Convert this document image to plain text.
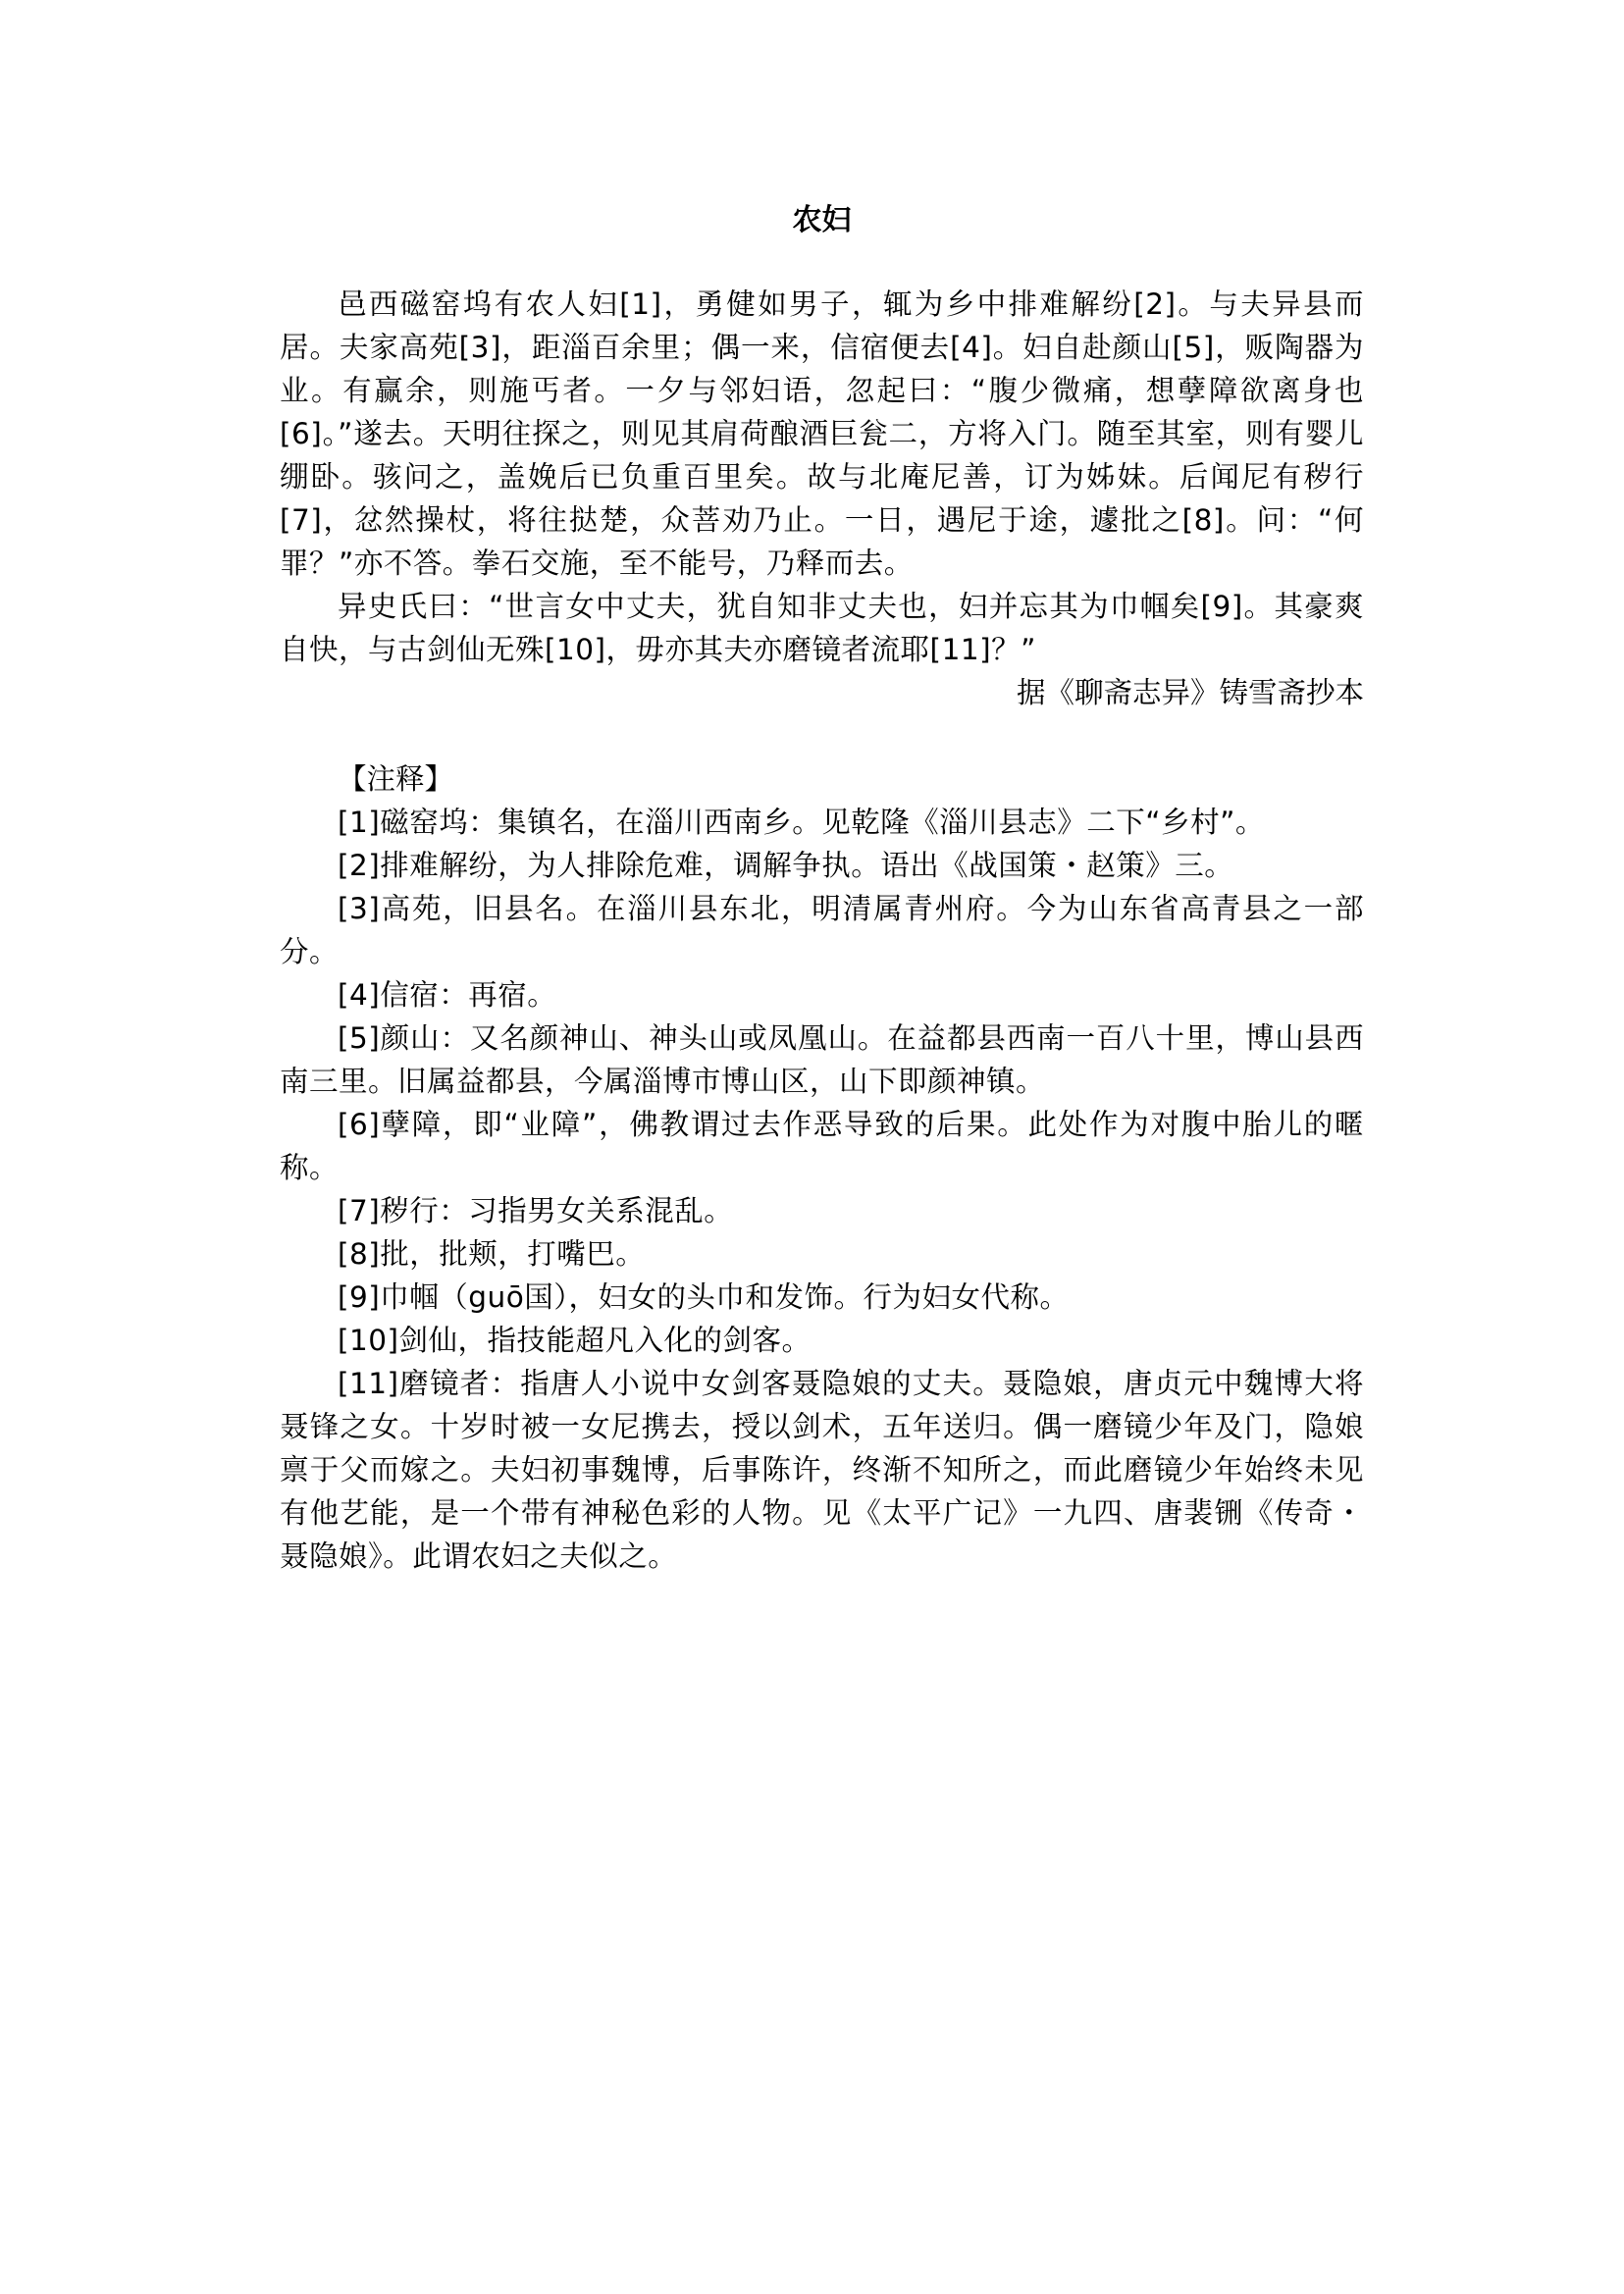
农妇

邑西磁窑坞有农人妇[1]，勇健如男子，辄为乡中排难解纷[2]。与夫异县而居。夫家高苑[3]，距淄百余里；偶一来，信宿便去[4]。妇自赴颜山[5]，贩陶器为业。有赢余，则施丐者。一夕与邻妇语，忽起曰：“腹少微痛，想孽障欲离身也[6]。”遂去。天明往探之，则见其肩荷酿酒巨瓮二，方将入门。随至其室，则有婴儿绷卧。骇问之，盖娩后已负重百里矣。故与北庵尼善，订为姊妹。后闻尼有秽行[7]，忿然操杖，将往挞楚，众菩劝乃止。一日，遇尼于途，遽批之[8]。问：“何罪？”亦不答。拳石交施，至不能号，乃释而去。

异史氏曰：“世言女中丈夫，犹自知非丈夫也，妇并忘其为巾帼矣[9]。其豪爽自快，与古剑仙无殊[10]，毋亦其夫亦磨镜者流耶[11]？”

据《聊斋志异》铸雪斋抄本

【注释】

[1]磁窑坞：集镇名，在淄川西南乡。见乾隆《淄川县志》二下“乡村”。

[2]排难解纷，为人排除危难，调解争执。语出《战国策・赵策》三。

[3]高苑，旧县名。在淄川县东北，明清属青州府。今为山东省高青县之一部分。

[4]信宿：再宿。

[5]颜山：又名颜神山、神头山或凤凰山。在益都县西南一百八十里，博山县西南三里。旧属益都县，今属淄博市博山区，山下即颜神镇。

[6]孽障，即“业障”，佛教谓过去作恶导致的后果。此处作为对腹中胎儿的暱称。

[7]秽行：习指男女关系混乱。

[8]批，批颊，打嘴巴。

[9]巾帼（guō国），妇女的头巾和发饰。行为妇女代称。

[10]剑仙，指技能超凡入化的剑客。

[11]磨镜者：指唐人小说中女剑客聂隐娘的丈夫。聂隐娘，唐贞元中魏博大将聂锋之女。十岁时被一女尼携去，授以剑术，五年送归。偶一磨镜少年及门，隐娘禀于父而嫁之。夫妇初事魏博，后事陈许，终渐不知所之，而此磨镜少年始终未见有他艺能，是一个带有神秘色彩的人物。见《太平广记》一九四、唐裴铏《传奇・聂隐娘》。此谓农妇之夫似之。
